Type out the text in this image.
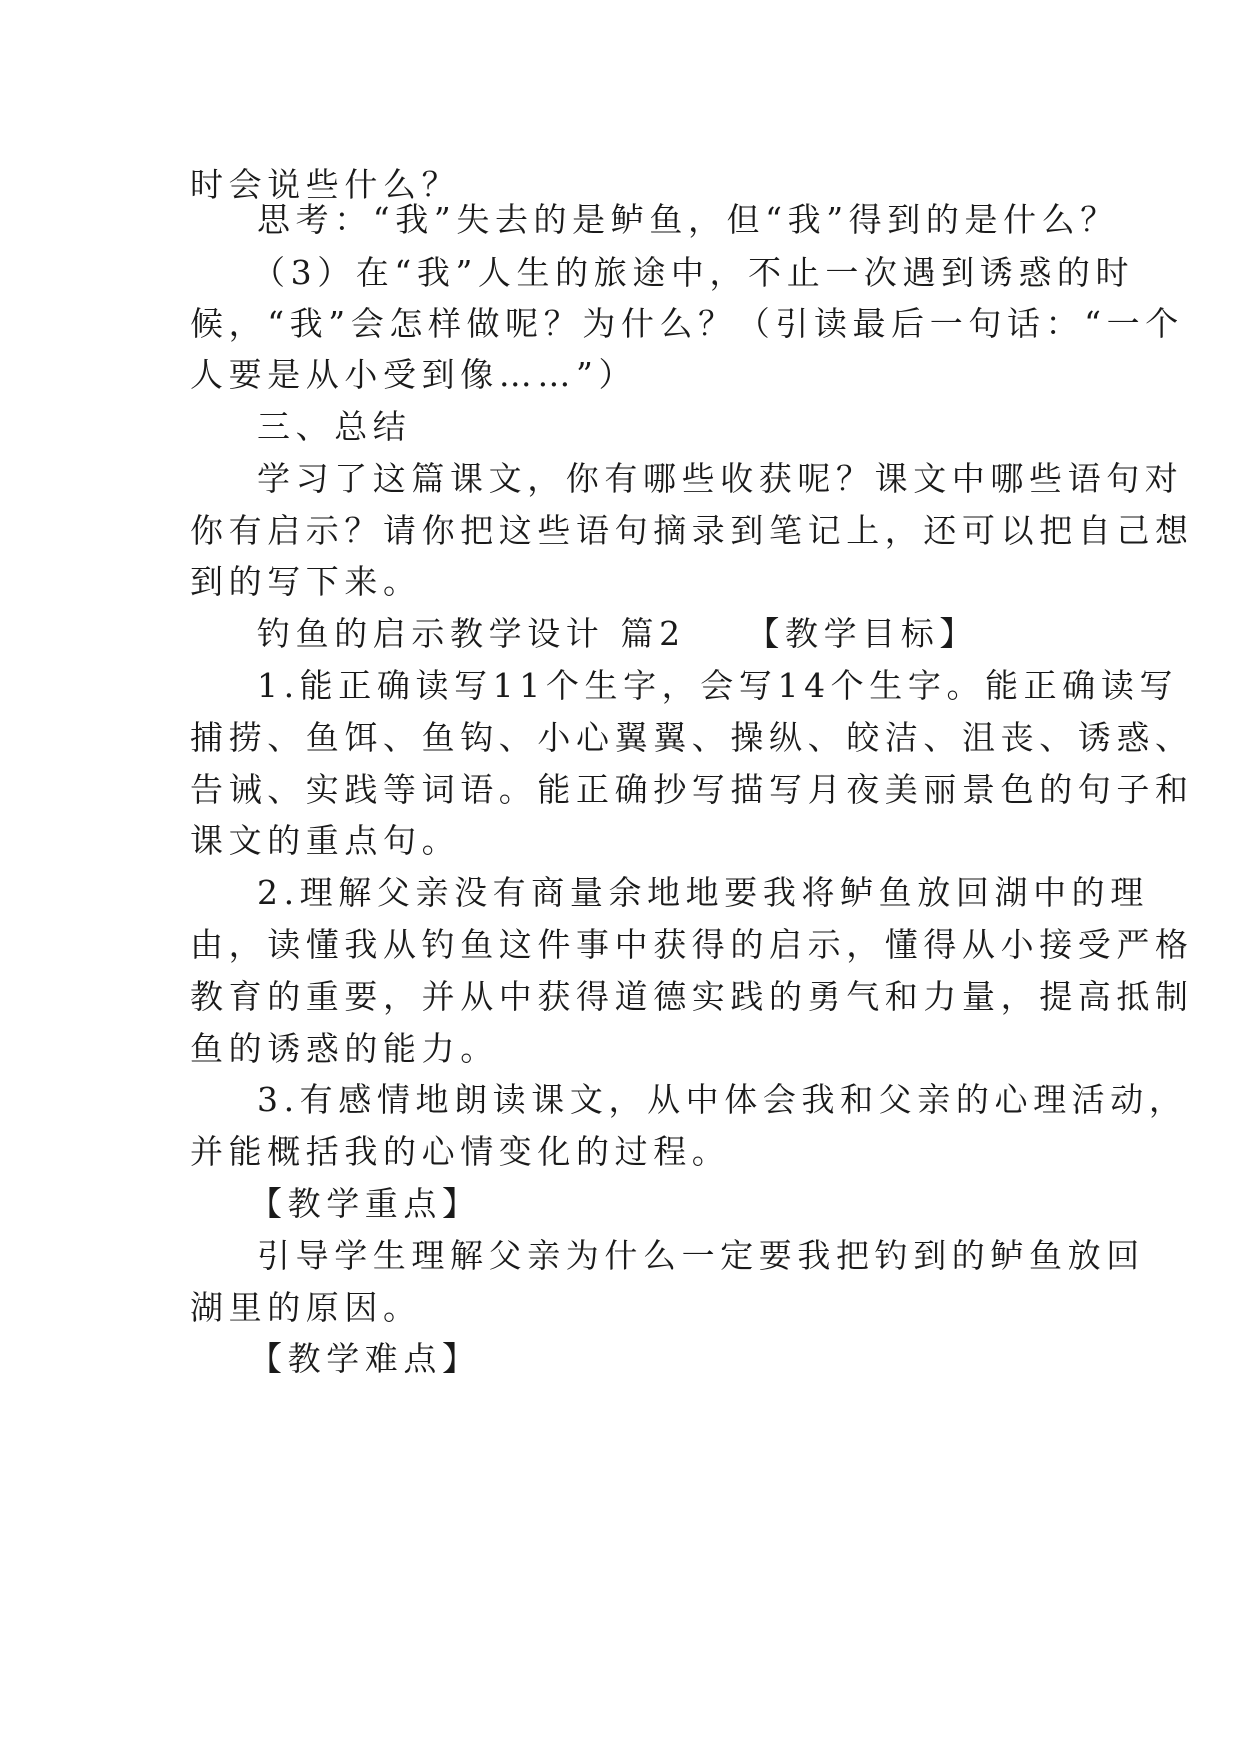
时会说些什么？
思考：“我”失去的是鲈鱼，但“我”得到的是什么？
（3）在“我”人生的旅途中，不止一次遇到诱惑的时
候，“我”会怎样做呢？为什么？（引读最后一句话：“一个
人要是从小受到像……”）
三、总结
学习了这篇课文，你有哪些收获呢？课文中哪些语句对
你有启示？请你把这些语句摘录到笔记上，还可以把自己想
到的写下来。
钓鱼的启示教学设计 篇2　　【教学目标】
1.能正确读写11个生字，会写14个生字。能正确读写
捕捞、鱼饵、鱼钩、小心翼翼、操纵、皎洁、沮丧、诱惑、
告诫、实践等词语。能正确抄写描写月夜美丽景色的句子和
课文的重点句。
2.理解父亲没有商量余地地要我将鲈鱼放回湖中的理
由，读懂我从钓鱼这件事中获得的启示，懂得从小接受严格
教育的重要，并从中获得道德实践的勇气和力量，提高抵制
鱼的诱惑的能力。
3.有感情地朗读课文，从中体会我和父亲的心理活动，
并能概括我的心情变化的过程。
【教学重点】
引导学生理解父亲为什么一定要我把钓到的鲈鱼放回
湖里的原因。
【教学难点】
